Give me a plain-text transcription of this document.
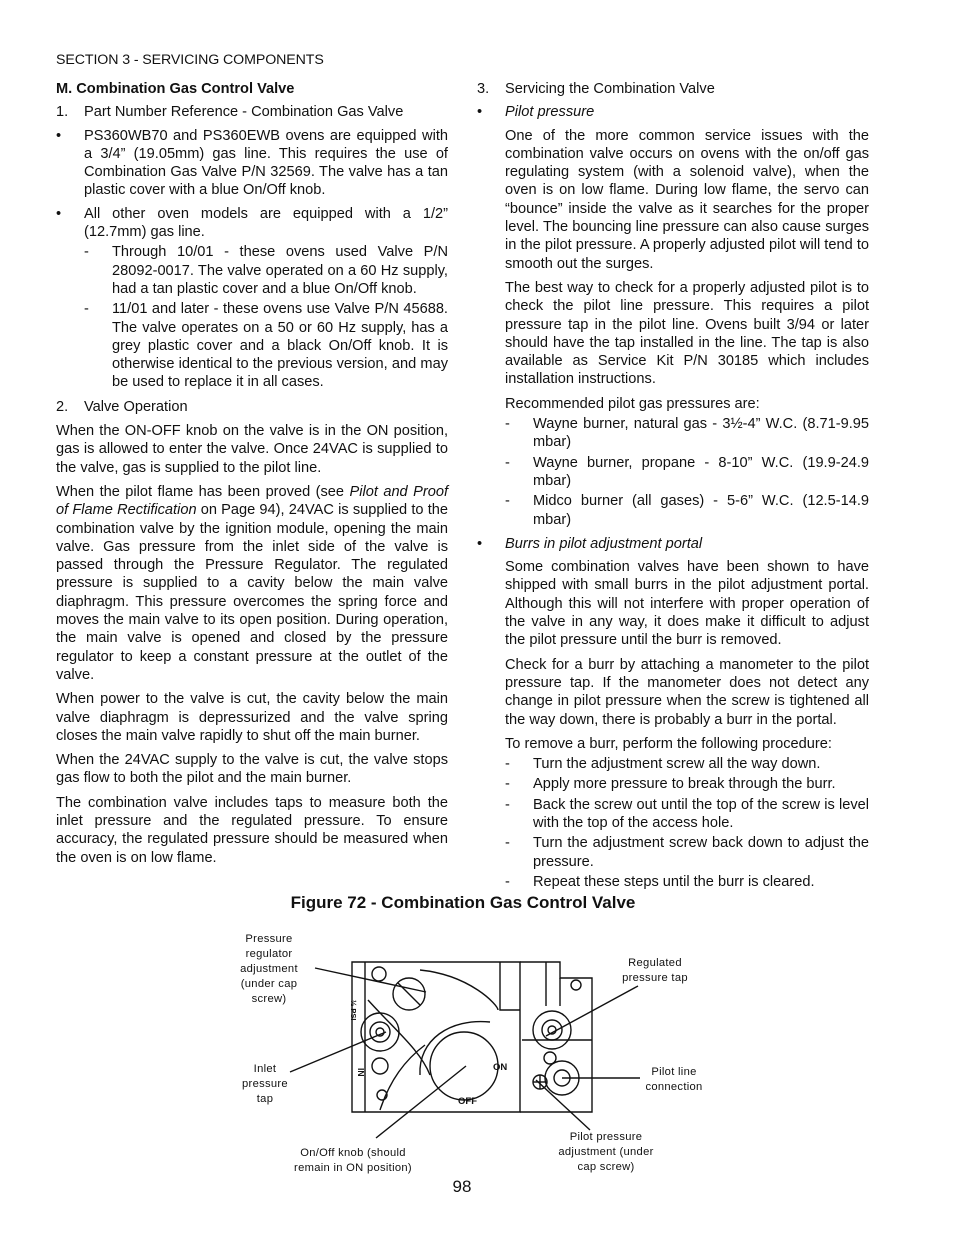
SECTION 3 - SERVICING COMPONENTS

M. Combination Gas Control Valve

1.	Part Number Reference - Combination Gas Valve
•	PS360WB70 and PS360EWB ovens are equipped with a 3/4” (19.05mm) gas line. This requires the use of Combination Gas Valve P/N 32569. The valve has a tan plastic cover with a blue On/Off knob.
•	All other oven models are equipped with a 1/2” (12.7mm) gas line.
-	Through 10/01 - these ovens used Valve P/N 28092-0017. The valve operated on a 60 Hz supply, had a tan plastic cover and a blue On/Off knob.
-	11/01 and later - these ovens use Valve P/N 45688. The valve operates on a 50 or 60 Hz supply, has a grey plastic cover and a black On/Off knob. It is otherwise identical to the previous version, and may be used to replace it in all cases.
2.	Valve Operation

When the ON-OFF knob on the valve is in the ON position, gas is allowed to enter the valve. Once 24VAC is supplied to the valve, gas is supplied to the pilot line.

When the pilot flame has been proved (see Pilot and Proof of Flame Rectification on Page 94), 24VAC is supplied to the combination valve by the ignition module, opening the main valve. Gas pressure from the inlet side of the valve is passed through the Pressure Regulator. The regulated pressure is supplied to a cavity below the main valve diaphragm. This pressure overcomes the spring force and moves the main valve to its open position. During operation, the main valve is opened and closed by the pressure regulator to keep a constant pressure at the outlet of the valve.

When power to the valve is cut, the cavity below the main valve diaphragm is depressurized and the valve spring closes the main valve rapidly to shut off the main burner.

When the 24VAC supply to the valve is cut, the valve stops gas flow to both the pilot and the main burner.

The combination valve includes taps to measure both the inlet pressure and the regulated pressure. To ensure accuracy, the regulated pressure should be measured when the oven is on low flame.

3.	Servicing the Combination Valve
•	Pilot pressure

One of the more common service issues with the combination valve occurs on ovens with the on/off gas regulating system (with a solenoid valve), when the oven is on low flame. During low flame, the servo can “bounce” inside the valve as it searches for the proper level. The bouncing line pressure can also cause surges in the pilot pressure. A properly adjusted pilot will tend to smooth out the surges.

The best way to check for a properly adjusted pilot is to check the pilot line pressure. This requires a pilot pressure tap in the pilot line. Ovens built 3/94 or later should have the tap installed in the line. The tap is also available as Service Kit P/N 30185 which includes installation instructions.

Recommended pilot gas pressures are:

-	Wayne burner, natural gas - 3½-4” W.C. (8.71-9.95 mbar)
-	Wayne burner, propane - 8-10” W.C. (19.9-24.9 mbar)
-	Midco burner (all gases) - 5-6” W.C. (12.5-14.9 mbar)
•	Burrs in pilot adjustment portal

Some combination valves have been shown to have shipped with small burrs in the pilot adjustment portal. Although this will not interfere with proper operation of the valve in any way, it does make it difficult to adjust the pilot pressure until the burr is removed.

Check for a burr by attaching a manometer to the pilot pressure tap. If the manometer does not detect any change in pilot pressure when the screw is tightened all the way down, there is probably a burr in the portal.

To remove a burr, perform the following procedure:

-	Turn the adjustment screw all the way down.
-	Apply more pressure to break through the burr.
-	Back the screw out until the top of the screw is level with the top of the access hole.
-	Turn the adjustment screw back down to adjust the pressure.
-	Repeat these steps until the burr is cleared.
Figure 72 - Combination Gas Control Valve
ON
OFF
IN
½ PSI
Pressure regulator adjustment (under cap screw)
Inlet pressure tap
On/Off knob (should remain in ON position)
Regulated pressure tap
Pilot line connection
Pilot pressure adjustment (under cap screw)
98
